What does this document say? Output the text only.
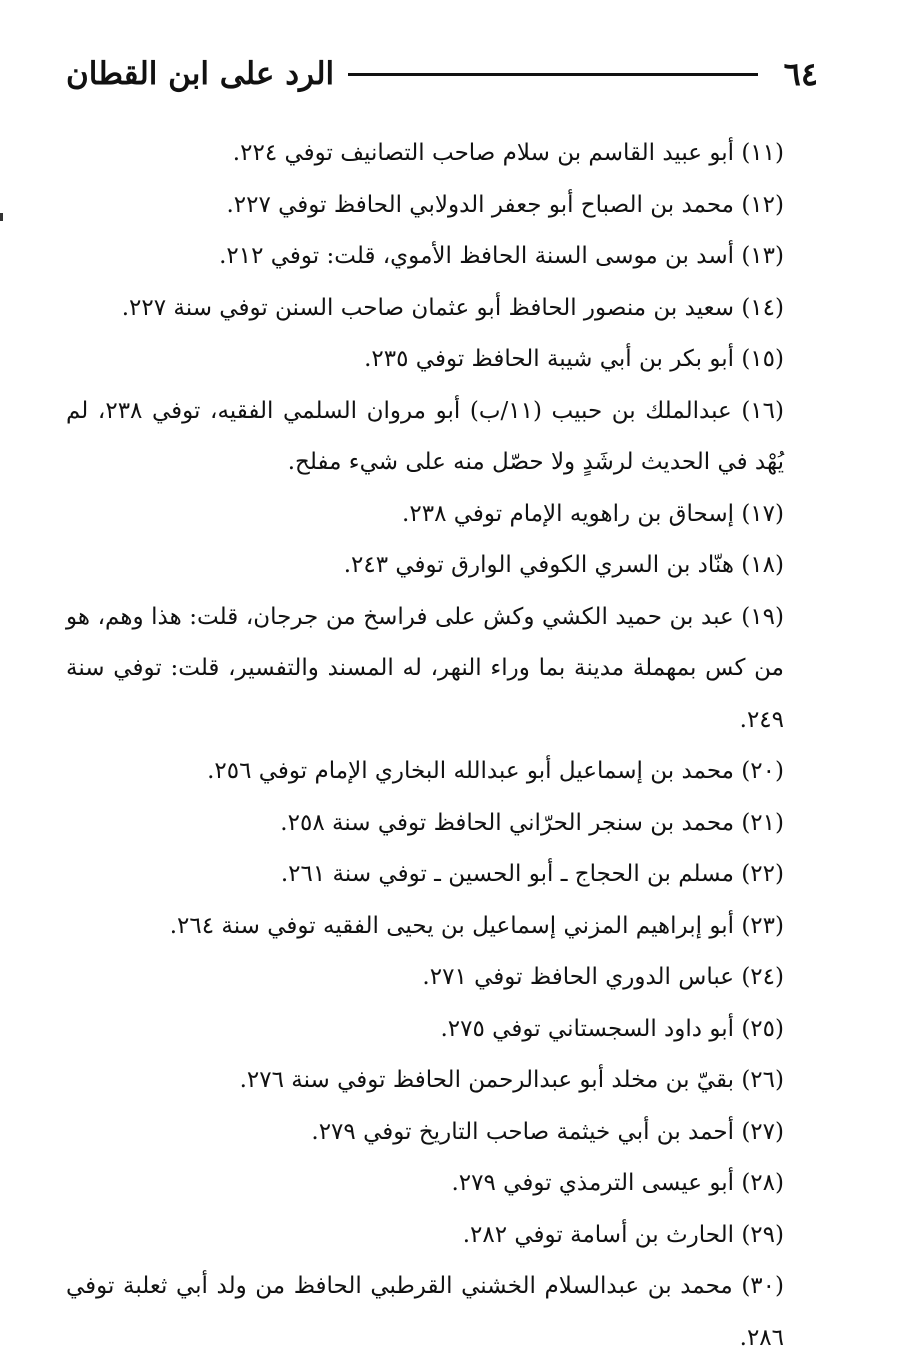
٦٤
الرد على ابن القطان

(١١) أبو عبيد القاسم بن سلام صاحب التصانيف توفي ٢٢٤.

(١٢) محمد بن الصباح أبو جعفر الدولابي الحافظ توفي ٢٢٧.

(١٣) أسد بن موسى السنة الحافظ الأموي، قلت: توفي ٢١٢.

(١٤) سعيد بن منصور الحافظ أبو عثمان صاحب السنن توفي سنة ٢٢٧.

(١٥) أبو بكر بن أبي شيبة الحافظ توفي ٢٣٥.

(١٦) عبدالملك بن حبيب (١١/ب) أبو مروان السلمي الفقيه، توفي ٢٣٨، لم يُهْد في الحديث لرشَدٍ ولا حصّل منه على شيء مفلح.

(١٧) إسحاق بن راهويه الإمام توفي ٢٣٨.

(١٨) هنّاد بن السري الكوفي الوارق توفي ٢٤٣.

(١٩) عبد بن حميد الكشي وكش على فراسخ من جرجان، قلت: هذا وهم، هو من كس بمهملة مدينة بما وراء النهر، له المسند والتفسير، قلت: توفي سنة ٢٤٩.

(٢٠) محمد بن إسماعيل أبو عبدالله البخاري الإمام توفي ٢٥٦.

(٢١) محمد بن سنجر الحرّاني الحافظ توفي سنة ٢٥٨.

(٢٢) مسلم بن الحجاج ـ أبو الحسين ـ توفي سنة ٢٦١.

(٢٣) أبو إبراهيم المزني إسماعيل بن يحيى الفقيه توفي سنة ٢٦٤.

(٢٤) عباس الدوري الحافظ توفي ٢٧١.

(٢٥) أبو داود السجستاني توفي ٢٧٥.

(٢٦) بقيّ بن مخلد أبو عبدالرحمن الحافظ توفي سنة ٢٧٦.

(٢٧) أحمد بن أبي خيثمة صاحب التاريخ توفي ٢٧٩.

(٢٨) أبو عيسى الترمذي توفي ٢٧٩.

(٢٩) الحارث بن أسامة توفي ٢٨٢.

(٣٠) محمد بن عبدالسلام الخشني القرطبي الحافظ من ولد أبي ثعلبة توفي ٢٨٦.
